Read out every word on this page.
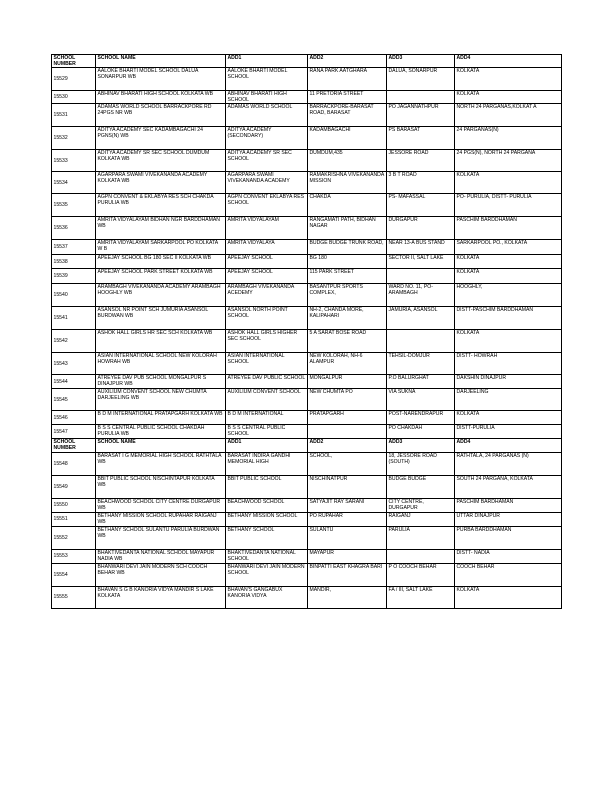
SCHOOL NUMBER	SCHOOL NAME	ADD1	ADD2	ADD3	ADD4
15529	AALOKE BHARTI MODEL SCHOOL DALUA SONARPUR WB	AALOKE BHARTI MODEL SCHOOL	RANA PARK AATGHARA	DALUA, SONARPUR	KOLKATA
15530	ABHINAV BHARATI HIGH SCHOOL KOLKATA WB	ABHINAV BHARATI HIGH SCHOOL	11 PRETORIA STREET		KOLKATA
15531	ADAMAS WORLD SCHOOL BARRACKPORE RD 24PGS NR WB	ADAMAS WORLD SCHOOL	BARRACKPORE-BARASAT ROAD, BARASAT	PO JAGANNATHPUR	NORTH 24 PARGANAS,KOLKAT A
15532	ADITYA ACADEMY SEC KADAMBAGACHI 24 PGNS(N) WB	ADITYA ACADEMY (SECONDARY)	KADAMBAGACHI	PS BARASAT	24 PARGANAS(N)
15533	ADITYA ACADEMY SR SEC SCHOOL DUMDUM KOLKATA WB	ADITYA ACADEMY SR SEC SCHOOL	DUMDUM,435	JESSORE ROAD	24 PGS(N), NORTH 24 PARGANA
15534	AGARPARA SWAMI VIVEKANANDA ACADEMY KOLKATA WB	AGARPARA SWAMI VIVEKANANDA ACADEMY	RAMAKRISHNA VIVEKANANDA MISSION	3 B T ROAD	KOLKATA
15535	AGPN CONVENT & EKLABYA RES SCH CHAKDA PURULIA WB	AGPN CONVENT EKLABYA RES SCHOOL	CHAKDA	PS- MAFASSAL	PO- PURULIA, DISTT- PURULIA
15536	AMRITA VIDYALAYAM BIDHAN NGR BARDDHAMAN WB	AMRITA VIDYALAYAM	RANGAMATI PATH, BIDHAN NAGAR	DURGAPUR	PASCHIM BARDDHAMAN
15537	AMRITA VIDYALAYAM SARKARPOOL PO KOLKATA W B	AMRITA VIDYALAYA	BUDGE BUDGE TRUNK ROAD,	NEAR 13-A BUS STAND	SARKARPOOL PO., KOLKATA
15538	APEEJAY SCHOOL BG 180 SEC II KOLKATA WB	APEEJAY SCHOOL	BG 180	SECTOR II, SALT LAKE	KOLKATA
15539	APEEJAY SCHOOL PARK STREET KOLKATA WB	APEEJAY SCHOOL	115 PARK STREET		KOLKATA
15540	ARAMBAGH VIVEKANANDA ACADEMY ARAMBAGH HOOGHLY WB	ARAMBAGH VIVEKANANDA ACEDEMY	BASANTPUR SPORTS COMPLEX,	WARD NO. 11, PO-ARAMBAGH	HOOGHLY,
15541	ASANSOL NR POINT SCH JUMURIA ASANSOL BURDWAN WB	ASANSOL NORTH POINT SCHOOL	NH-2, CHANDA MORE, KALIPAHARI	JAMURIA, ASANSOL	DISTT-PASCHIM BARDDHAMAN
15542	ASHOK HALL GIRLS HR SEC SCH KOLKATA WB	ASHOK HALL GIRLS HIGHER SEC SCHOOL	5 A SARAT BOSE ROAD		KOLKATA
15543	ASIAN INTERNATIONAL SCHOOL NEW KOLORAH HOWRAH WB	ASIAN INTERNATIONAL SCHOOL	NEW KOLORAH, NH-6 ALAMPUR	TEHSIL-DOMJUR	DISTT- HOWRAH
15544	ATREYEE DAV PUB SCHOOL MONGALPUR S DINAJPUR WB	ATREYEE DAV PUBLIC SCHOOL	MONGALPUR	P.O BALURGHAT	DAKSHIN DINAJPUR
15545	AUXILIUM CONVENT SCHOOL NEW CHUMTA DARJEELING WB	AUXILIUM CONVENT SCHOOL	NEW CHUMTA PO	VIA SUKNA	DARJEELING
15546	B D M INTERNATIONAL PRATAPGARH KOLKATA WB	B D M INTERNATIONAL	PRATAPGARH	POST-NARENDRAPUR	KOLKATA
15547	B S S CENTRAL PUBLIC SCHOOL CHAKDAH PURULIA WB	B S S CENTRAL PUBLIC SCHOOL		PO CHAKDAH	DISTT-PURULIA
SCHOOL NUMBER	SCHOOL NAME	ADD1	ADD2	ADD3	ADD4
15548	BARASAT I G MEMORIAL HIGH SCHOOL RATHTALA WB	BARASAT INDIRA GANDHI MEMORIAL HIGH	SCHOOL,	18, JESSORE ROAD (SOUTH)	RATHTALA, 24 PARGANAS (N)
15549	BBIT PUBLIC SCHOOL NISCHINTAPUR KOLKATA WB	BBIT PUBLIC SCHOOL	NISCHINATPUR	BUDGE BUDGE	SOUTH 24 PARGANA, KOLKATA
15550	BEACHWOOD SCHOOL CITY CENTRE DURGAPUR WB	BEACHWOOD SCHOOL	SATYAJIT RAY SARANI	CITY CENTRE, DURGAPUR	PASCHIM BARDHAMAN
15551	BETHANY MISSION SCHOOL RUPAHAR RAIGANJ WB	BETHANY MISSION SCHOOL	PO RUPAHAR	RAIGANJ	UTTAR DINAJPUR
15552	BETHANY SCHOOL SULANTU PARULIA BURDWAN WB	BETHANY SCHOOL	SULANTU	PARULIA	PURBA BARDDHAMAN
15553	BHAKTIVEDANTA NATIONAL SCHOOL MAYAPUR NADIA WB	BHAKTIVEDANTA NATIONAL SCHOOL	MAYAPUR		DISTT- NADIA
15554	BHANWARI DEVI JAIN MODERN SCH COOCH BEHAR WB	BHANWARI DEVI JAIN MODERN SCHOOL	BINPATTI EAST KHAGRA BARI	P O COOCH BEHAR	COOCH BEHAR
15555	BHAVAN S G B KANORIA VIDYA MANDIR S LAKE KOLKATA	BHAVAN'S GANGABUX KANORIA VIDYA	MANDIR,	FA / III, SALT LAKE	KOLKATA
